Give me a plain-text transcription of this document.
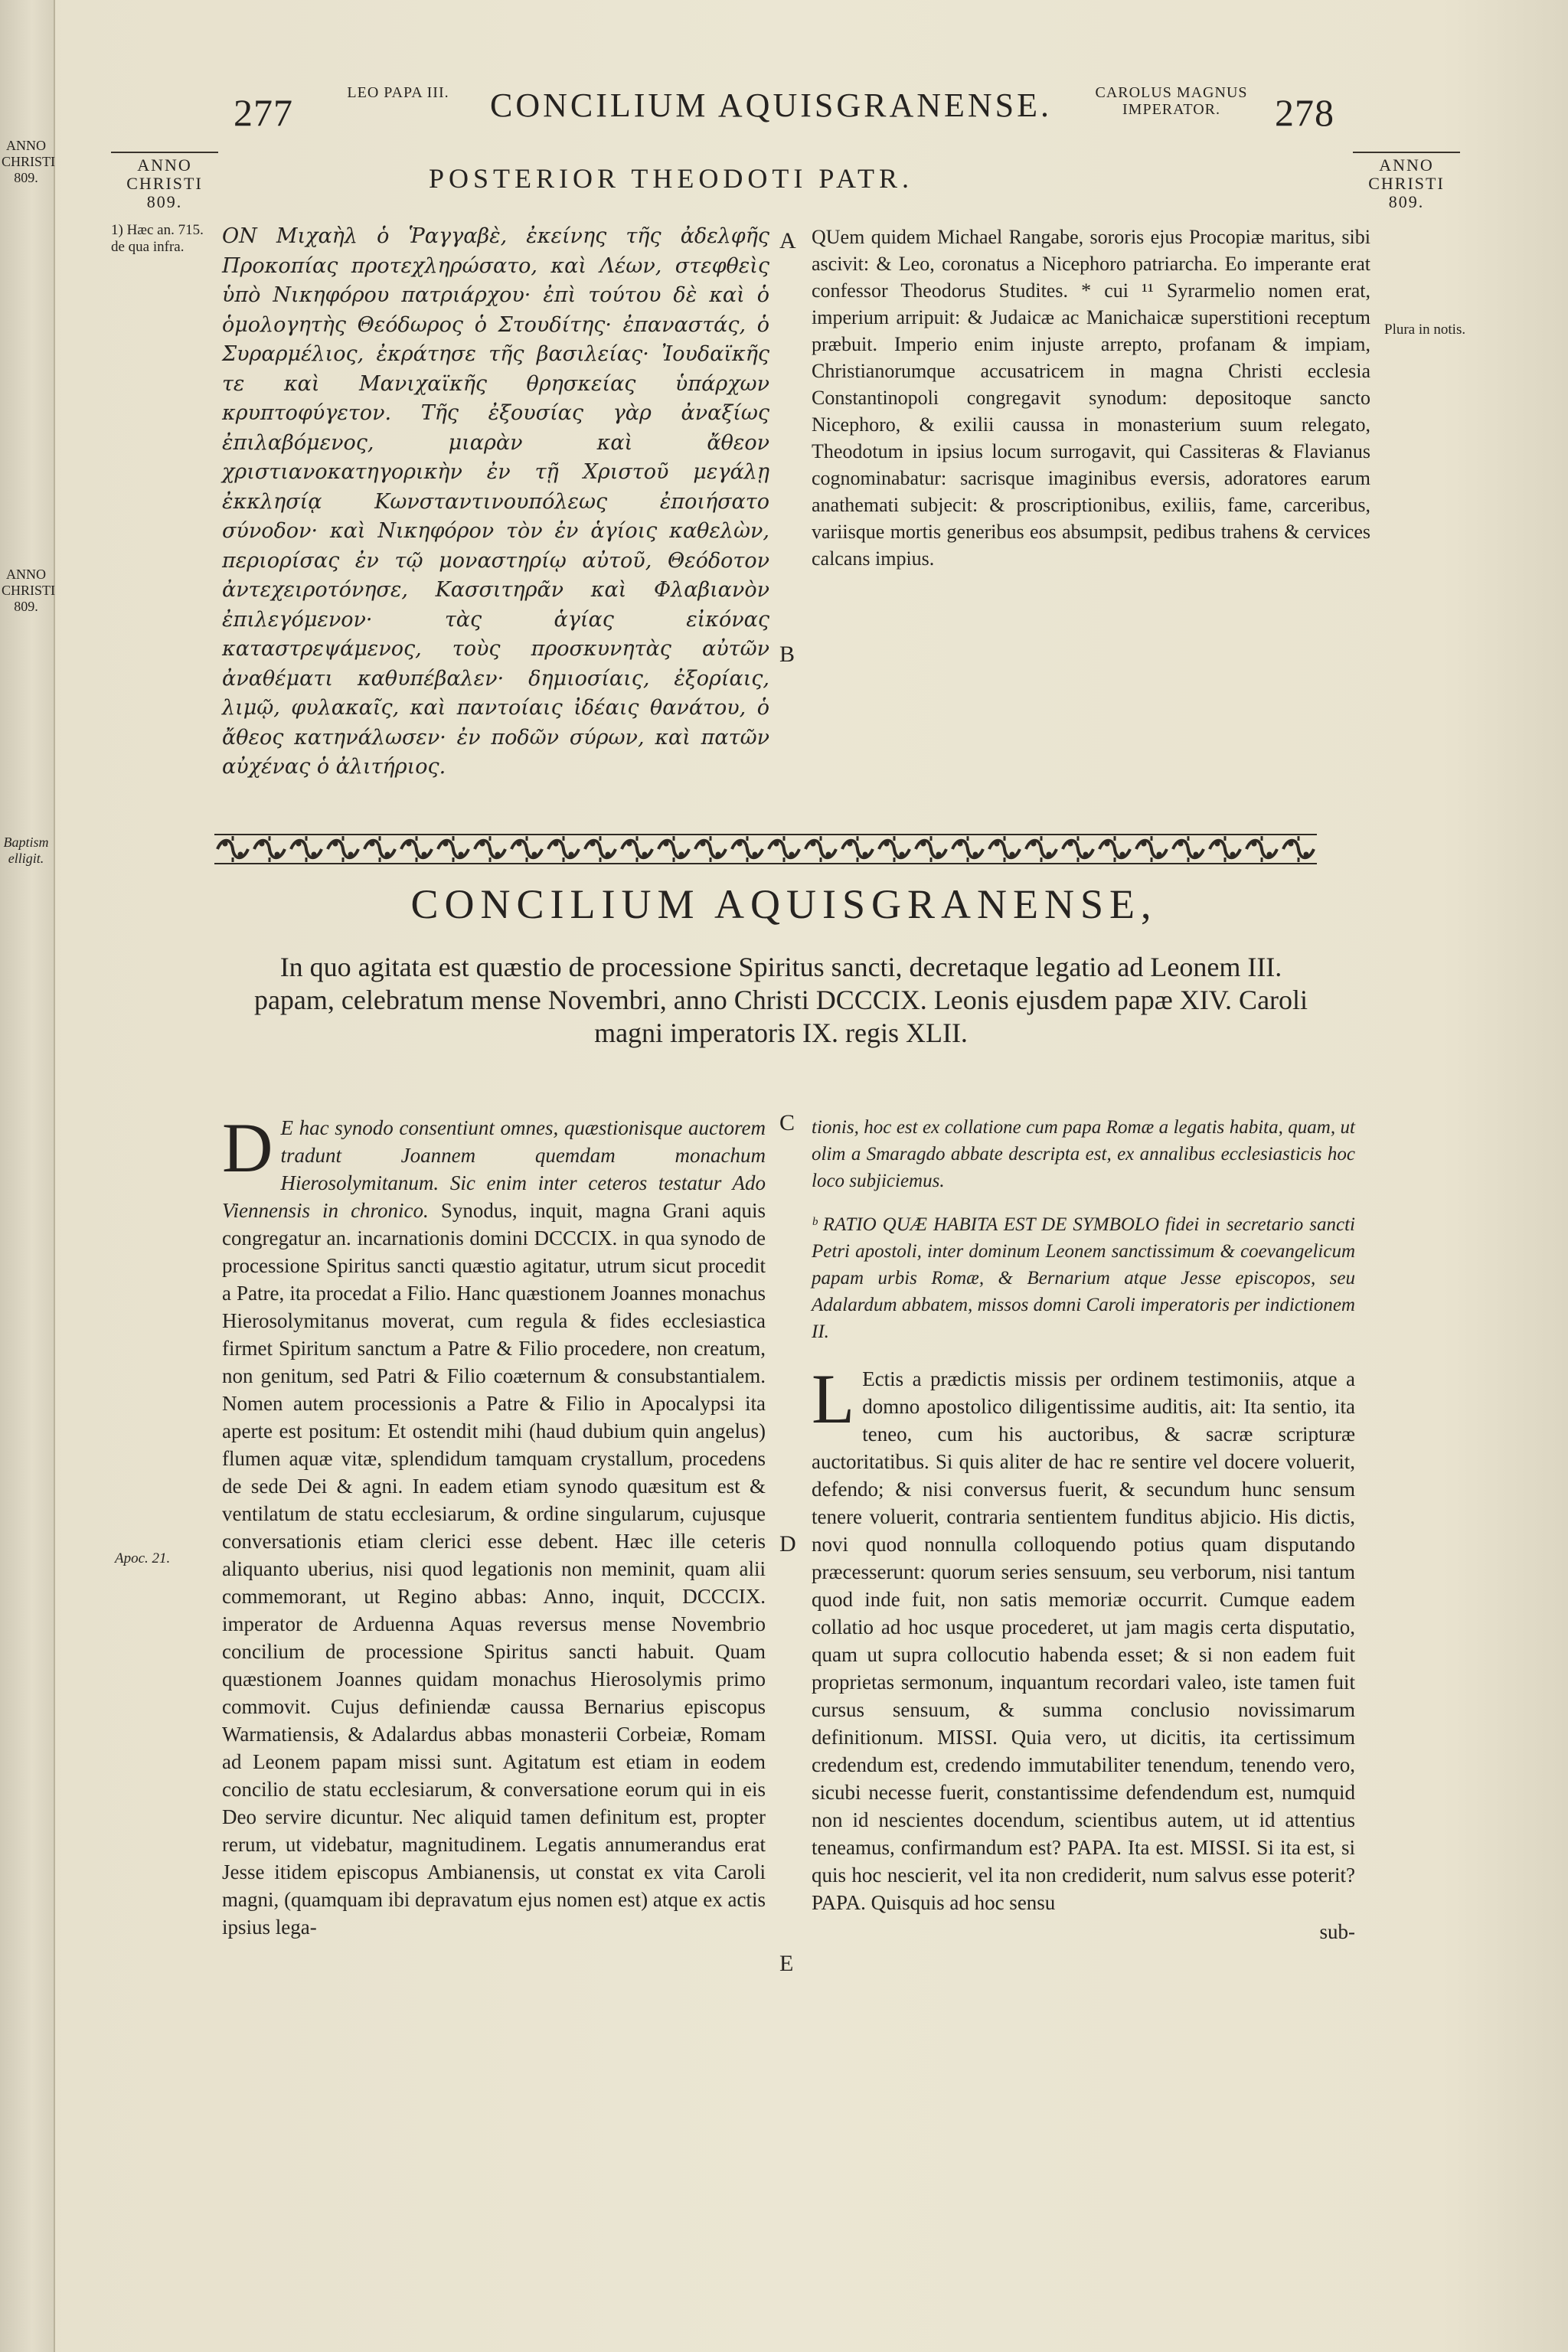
ANNO CHRISTI 809.
ANNO CHRISTI 809.
Baptism elligit.
277	LEO PAPA III.	CONCILIUM AQUISGRANENSE.	CAROLUS MAGNUS IMPERATOR.	278
ANNO CHRISTI 809.
ANNO CHRISTI 809.
POSTERIOR THEODOTI PATR.
1) Hæc an. 715. de qua infra.
Plura in notis.
Apoc. 21.
A
B
C
D
E

ΟΝ Μιχαὴλ ὁ Ῥαγγαβὲ, ἐκείνης τῆς ἀδελφῆς Προκοπίας προτεχληρώσατο, καὶ Λέων, στεφθεὶς ὑπὸ Νικηφόρου πατριάρχου· ἐπὶ τούτου δὲ καὶ ὁ ὁμολογητὴς Θεόδωρος ὁ Στουδίτης· ἐπαναστάς, ὁ Συραρμέλιος, ἐκράτησε τῆς βασιλείας· Ἰουδαϊκῆς τε καὶ Μανιχαϊκῆς θρησκείας ὑπάρχων κρυπτοφύγετον. Τῆς ἐξουσίας γὰρ ἀναξίως ἐπιλαβόμενος, μιαρὰν καὶ ἄθεον χριστιανοκατηγορικὴν ἐν τῇ Χριστοῦ μεγάλῃ ἐκκλησίᾳ Κωνσταντινουπόλεως ἐποιήσατο σύνοδον· καὶ Νικηφόρον τὸν ἐν ἁγίοις καθελὼν, περιορίσας ἐν τῷ μοναστηρίῳ αὐτοῦ, Θεόδοτον ἀντεχειροτόνησε, Κασσιτηρᾶν καὶ Φλαβιανὸν ἐπιλεγόμενον· τὰς ἁγίας εἰκόνας καταστρεψάμενος, τοὺς προσκυνητὰς αὐτῶν ἀναθέματι καθυπέβαλεν· δημιοσίαις, ἐξορίαις, λιμῷ, φυλακαῖς, καὶ παντοίαις ἰδέαις θανάτου, ὁ ἄθεος κατηνάλωσεν· ἐν ποδῶν σύρων, καὶ πατῶν αὐχένας ὁ ἀλιτήριος.

QUem quidem Michael Rangabe, sororis ejus Procopiæ maritus, sibi ascivit: & Leo, coronatus a Nicephoro patriarcha. Eo imperante erat confessor Theodorus Studites. * cui ¹¹ Syrarmelio nomen erat, imperium arripuit: & Judaicæ ac Manichaicæ superstitioni receptum præbuit. Imperio enim injuste arrepto, profanam & impiam, Christianorumque accusatricem in magna Christi ecclesia Constantinopoli congregavit synodum: depositoque sancto Nicephoro, & exilii caussa in monasterium suum relegato, Theodotum in ipsius locum surrogavit, qui Cassiteras & Flavianus cognominabatur: sacrisque imaginibus eversis, adoratores earum anathemati subjecit: & proscriptionibus, exiliis, fame, carceribus, variisque mortis generibus eos absumpsit, pedibus trahens & cervices calcans impius.

CONCILIUM AQUISGRANENSE,
In quo agitata est quæstio de processione Spiritus sancti, decretaque legatio ad Leonem III. papam, celebratum mense Novembri, anno Christi DCCCIX. Leonis ejusdem papæ XIV. Caroli magni imperatoris IX. regis XLII.

D E hac synodo consentiunt omnes, quæstionisque auctorem tradunt Joannem quemdam monachum Hierosolymitanum. Sic enim inter ceteros testatur Ado Viennensis in chronico. Synodus, inquit, magna Grani aquis congregatur an. incarnationis domini DCCCIX. in qua synodo de processione Spiritus sancti quæstio agitatur, utrum sicut procedit a Patre, ita procedat a Filio. Hanc quæstionem Joannes monachus Hierosolymitanus moverat, cum regula & fides ecclesiastica firmet Spiritum sanctum a Patre & Filio procedere, non creatum, non genitum, sed Patri & Filio coæternum & consubstantialem. Nomen autem processionis a Patre & Filio in Apocalypsi ita aperte est positum: Et ostendit mihi (haud dubium quin angelus) flumen aquæ vitæ, splendidum tamquam crystallum, procedens de sede Dei & agni. In eadem etiam synodo quæsitum est & ventilatum de statu ecclesiarum, & ordine singularum, cujusque conversationis etiam clerici esse debent. Hæc ille ceteris aliquanto uberius, nisi quod legationis non meminit, quam alii commemorant, ut Regino abbas: Anno, inquit, DCCCIX. imperator de Arduenna Aquas reversus mense Novembrio concilium de processione Spiritus sancti habuit. Quam quæstionem Joannes quidam monachus Hierosolymis primo commovit. Cujus definiendæ caussa Bernarius episcopus Warmatiensis, & Adalardus abbas monasterii Corbeiæ, Romam ad Leonem papam missi sunt. Agitatum est etiam in eodem concilio de statu ecclesiarum, & conversatione eorum qui in eis Deo servire dicuntur. Nec aliquid tamen definitum est, propter rerum, ut videbatur, magnitudinem. Legatis annumerandus erat Jesse itidem episcopus Ambianensis, ut constat ex vita Caroli magni, (quamquam ibi depravatum ejus nomen est) atque ex actis ipsius lega-

tionis, hoc est ex collatione cum papa Romæ a legatis habita, quam, ut olim a Smaragdo abbate descripta est, ex annalibus ecclesiasticis hoc loco subjiciemus.

ᵇ RATIO QUÆ HABITA EST DE SYMBOLO fidei in secretario sancti Petri apostoli, inter dominum Leonem sanctissimum & coevangelicum papam urbis Romæ, & Bernarium atque Jesse episcopos, seu Adalardum abbatem, missos domni Caroli imperatoris per indictionem II.

L Ectis a prædictis missis per ordinem testimoniis, atque a domno apostolico diligentissime auditis, ait: Ita sentio, ita teneo, cum his auctoribus, & sacræ scripturæ auctoritatibus. Si quis aliter de hac re sentire vel docere voluerit, defendo; & nisi conversus fuerit, & secundum hunc sensum tenere voluerit, contraria sentientem funditus abjicio. His dictis, novi quod nonnulla colloquendo potius quam disputando præcesserunt: quorum series sensuum, seu verborum, nisi tantum quod inde fuit, non satis memoriæ occurrit. Cumque eadem collatio ad hoc usque procederet, ut jam magis certa disputatio, quam ut supra collocutio habenda esset; & si non eadem fuit proprietas sermonum, inquantum recordari valeo, iste tamen fuit cursus sensuum, & summa conclusio novissimarum definitionum. MISSI. Quia vero, ut dicitis, ita certissimum credendum est, credendo immutabiliter tenendum, tenendo vero, sicubi necesse fuerit, constantissime defendendum est, numquid non id nescientes docendum, scientibus autem, ut id attentius teneamus, confirmandum est? PAPA. Ita est. MISSI. Si ita est, si quis hoc nescierit, vel ita non crediderit, num salvus esse poterit? PAPA. Quisquis ad hoc sensu

sub-
